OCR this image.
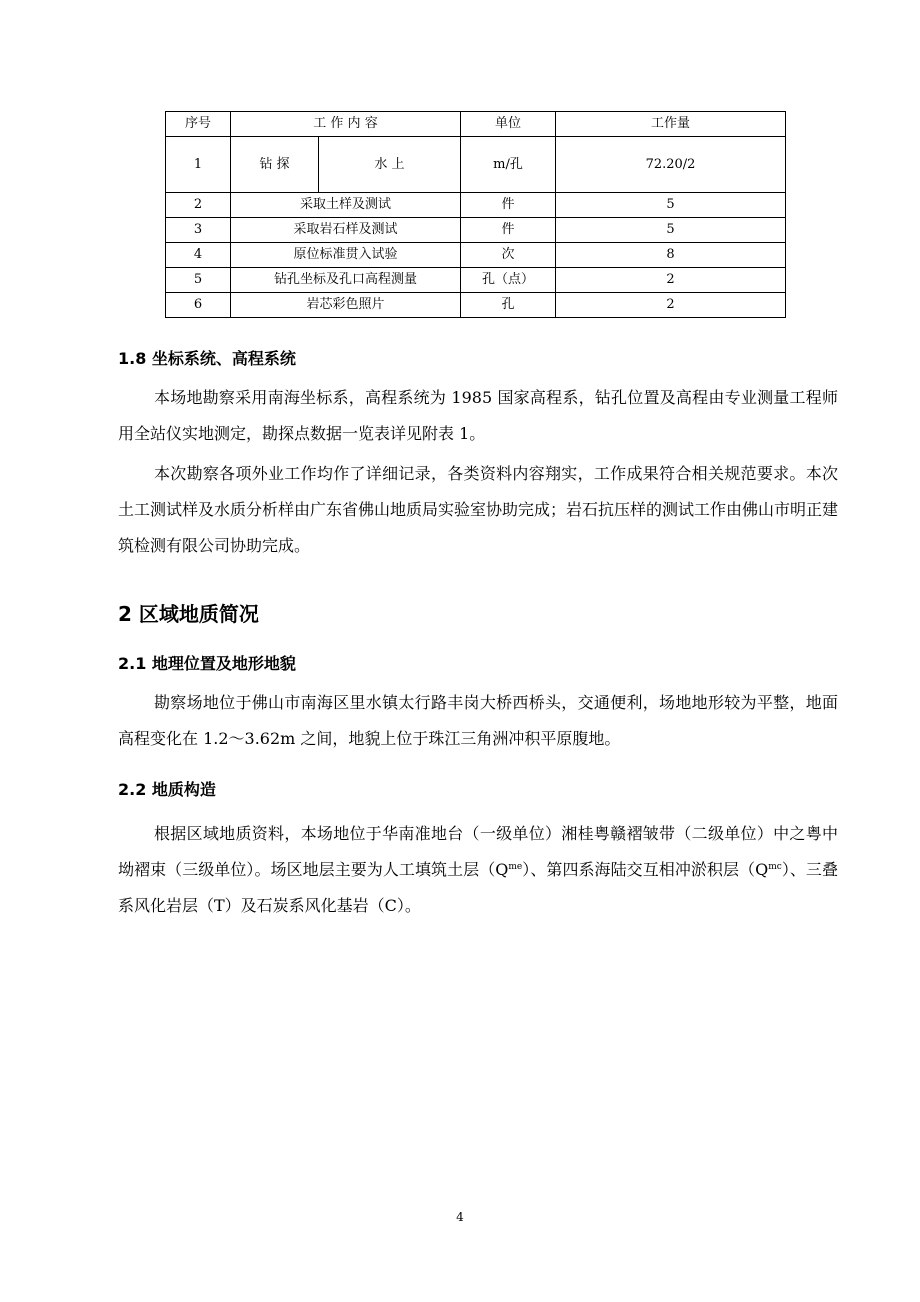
序号	工 作 内 容		单位	工作量
1	钻 探	水 上	m/孔	72.20/2
2	采取土样及测试		件	5
3	采取岩石样及测试		件	5
4	原位标准贯入试验		次	8
5	钻孔坐标及孔口高程测量		孔（点）	2
6	岩芯彩色照片		孔	2
1.8 坐标系统、高程系统

本场地勘察采用南海坐标系，高程系统为 1985 国家高程系，钻孔位置及高程由专业测量工程师用全站仪实地测定，勘探点数据一览表详见附表 1。

本次勘察各项外业工作均作了详细记录，各类资料内容翔实，工作成果符合相关规范要求。本次土工测试样及水质分析样由广东省佛山地质局实验室协助完成；岩石抗压样的测试工作由佛山市明正建筑检测有限公司协助完成。

2 区域地质简况
2.1 地理位置及地形地貌

勘察场地位于佛山市南海区里水镇太行路丰岗大桥西桥头，交通便利，场地地形较为平整，地面高程变化在 1.2～3.62m 之间，地貌上位于珠江三角洲冲积平原腹地。

2.2 地质构造

根据区域地质资料，本场地位于华南准地台（一级单位）湘桂粤赣褶皱带（二级单位）中之粤中坳褶束（三级单位）。场区地层主要为人工填筑土层$(Q^{me})$、第四系海陆交互相冲淤积层$(Q^{mc})$、三叠系风化岩层（T）及石炭系风化基岩（C）。

4
